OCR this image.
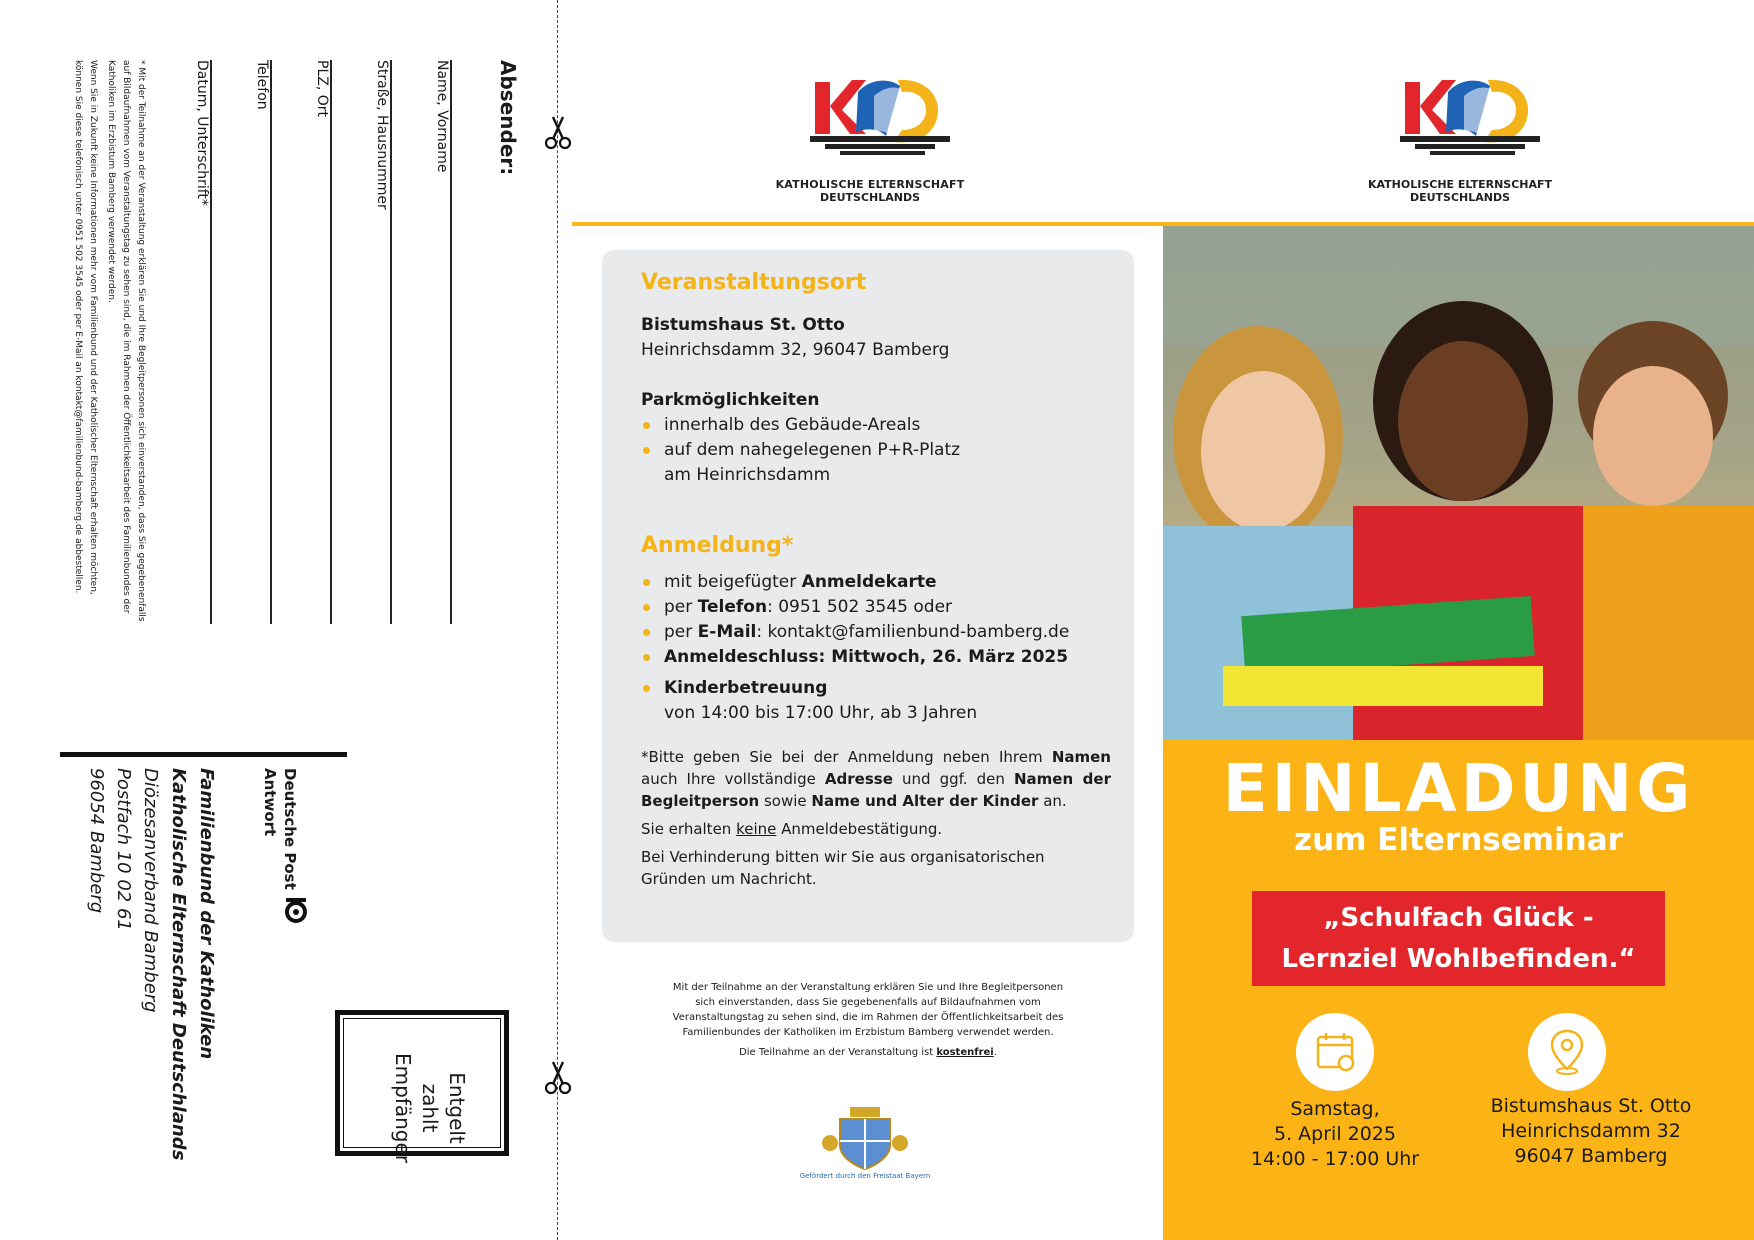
Absender:
Name, Vorname
Straße, Hausnummer
PLZ, Ort
Telefon
Datum, Unterschrift*
* Mit der Teilnahme an der Veranstaltung erklären Sie und Ihre Begleitpersonen sich einverstanden, dass Sie gegebenenfalls auf Bildaufnahmen vom Veranstaltungstag zu sehen sind, die im Rahmen der Öffentlichkeitsarbeit des Familienbundes der Katholiken im Erzbistum Bamberg verwendet werden.
Wenn Sie in Zukunft keine Informationen mehr vom Familienbund und der Katholischer Elternschaft erhalten möchten, können Sie diese telefonisch unter 0951 502 3545 oder per E-Mail an kontakt@familienbund-bamberg.de abbestellen.
Deutsche Post
Antwort
Familienbund der Katholiken
Katholische Elternschaft Deutschlands
Diözesanverband Bamberg
Postfach 10 02 61
96054 Bamberg
Entgelt
zahlt
Empfänger
KATHOLISCHE ELTERNSCHAFT
DEUTSCHLANDS
Veranstaltungsort
Bistumshaus St. Otto
Heinrichsdamm 32, 96047 Bamberg
Parkmöglichkeiten
innerhalb des Gebäude-Areals
auf dem nahegelegenen P+R-Platz am Heinrichsdamm
Anmeldung*
mit beigefügter Anmeldekarte
per Telefon: 0951 502 3545 oder
per E-Mail: kontakt@familienbund-bamberg.de
Anmeldeschluss: Mittwoch, 26. März 2025
Kinderbetreuung
von 14:00 bis 17:00 Uhr, ab 3 Jahren
*Bitte geben Sie bei der Anmeldung neben Ihrem Namen auch Ihre vollständige Adresse und ggf. den Namen der Begleitperson sowie Name und Alter der Kinder an.
Sie erhalten keine Anmeldebestätigung.
Bei Verhinderung bitten wir Sie aus organisatorischen Gründen um Nachricht.
Mit der Teilnahme an der Veranstaltung erklären Sie und Ihre Begleitpersonen sich einverstanden, dass Sie gegebenenfalls auf Bildaufnahmen vom Veranstaltungstag zu sehen sind, die im Rahmen der Öffentlichkeitsarbeit des Familienbundes der Katholiken im Erzbistum Bamberg verwendet werden.
Die Teilnahme an der Veranstaltung ist kostenfrei.
Gefördert durch den Freistaat Bayern
KATHOLISCHE ELTERNSCHAFT
DEUTSCHLANDS
EINLADUNG
zum Elternseminar
„Schulfach Glück -
Lernziel Wohlbefinden.“
Samstag,
5. April 2025
14:00 - 17:00 Uhr
Bistumshaus St. Otto
Heinrichsdamm 32
96047 Bamberg
